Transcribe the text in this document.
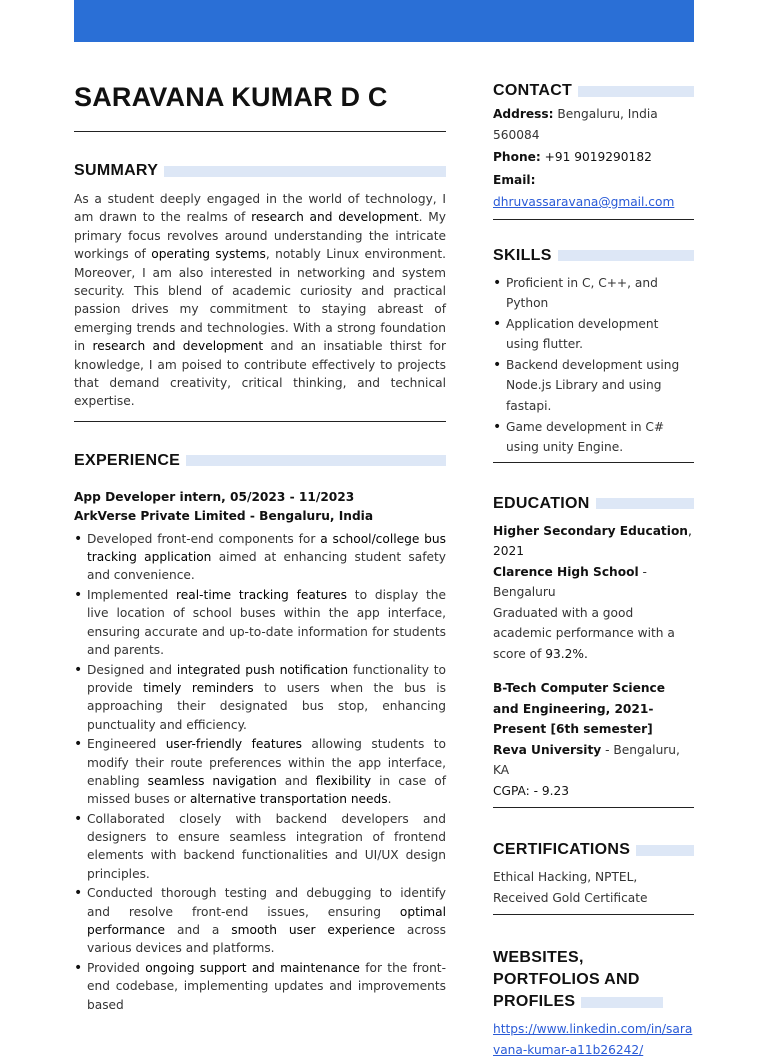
SARAVANA KUMAR D C
SUMMARY

As a student deeply engaged in the world of technology, I am drawn to the realms of research and development. My primary focus revolves around understanding the intricate workings of operating systems, notably Linux environment. Moreover, I am also interested in networking and system security. This blend of academic curiosity and practical passion drives my commitment to staying abreast of emerging trends and technologies. With a strong foundation in research and development and an insatiable thirst for knowledge, I am poised to contribute effectively to projects that demand creativity, critical thinking, and technical expertise.

EXPERIENCE
App Developer intern, 05/2023 - 11/2023
ArkVerse Private Limited - Bengaluru, India
• Developed front-end components for a school/college bus tracking application aimed at enhancing student safety and convenience.
• Implemented real-time tracking features to display the live location of school buses within the app interface, ensuring accurate and up-to-date information for students and parents.
• Designed and integrated push notification functionality to provide timely reminders to users when the bus is approaching their designated bus stop, enhancing punctuality and efficiency.
• Engineered user-friendly features allowing students to modify their route preferences within the app interface, enabling seamless navigation and flexibility in case of missed buses or alternative transportation needs.
• Collaborated closely with backend developers and designers to ensure seamless integration of frontend elements with backend functionalities and UI/UX design principles.
• Conducted thorough testing and debugging to identify and resolve front-end issues, ensuring optimal performance and a smooth user experience across various devices and platforms.
• Provided ongoing support and maintenance for the front-end codebase, implementing updates and improvements based
CONTACT
Address: Bengaluru, India 560084
Phone: +91 9019290182
Email:
dhruvassaravana@gmail.com
SKILLS
• Proficient in C, C++, and Python
• Application development using flutter.
• Backend development using Node.js Library and using fastapi.
• Game development in C# using unity Engine.
EDUCATION
Higher Secondary Education, 2021
Clarence High School - Bengaluru
Graduated with a good academic performance with a score of 93.2%.
B-Tech Computer Science and Engineering, 2021- Present [6th semester]
Reva University - Bengaluru, KA
CGPA: - 9.23
CERTIFICATIONS
Ethical Hacking, NPTEL, Received Gold Certificate
WEBSITES, PORTFOLIOS AND PROFILES
https://www.linkedin.com/in/saravana-kumar-a11b26242/
